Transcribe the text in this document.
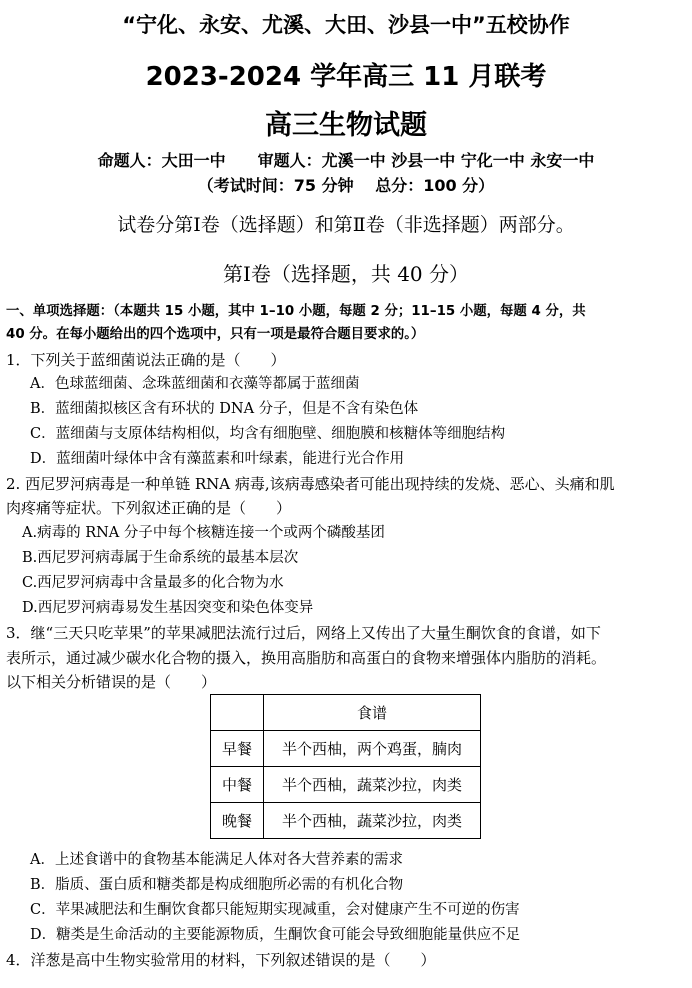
“宁化、永安、尤溪、大田、沙县一中”五校协作
2023-2024 学年高三 11 月联考
高三生物试题
命题人：大田一中　　审题人：尤溪一中 沙县一中 宁化一中 永安一中
（考试时间：75 分钟　 总分：100 分）
试卷分第Ⅰ卷（选择题）和第Ⅱ卷（非选择题）两部分。
第Ⅰ卷（选择题，共 40 分）
一、单项选择题：（本题共 15 小题，其中 1–10 小题，每题 2 分；11–15 小题，每题 4 分，共
40 分。在每小题给出的四个选项中，只有一项是最符合题目要求的。）
1．下列关于蓝细菌说法正确的是（　　）
A．色球蓝细菌、念珠蓝细菌和衣藻等都属于蓝细菌
B．蓝细菌拟核区含有环状的 DNA 分子，但是不含有染色体
C．蓝细菌与支原体结构相似，均含有细胞壁、细胞膜和核糖体等细胞结构
D．蓝细菌叶绿体中含有藻蓝素和叶绿素，能进行光合作用
2. 西尼罗河病毒是一种单链 RNA 病毒,该病毒感染者可能出现持续的发烧、恶心、头痛和肌
肉疼痛等症状。下列叙述正确的是（　　）
A.病毒的 RNA 分子中每个核糖连接一个或两个磷酸基团
B.西尼罗河病毒属于生命系统的最基本层次
C.西尼罗河病毒中含量最多的化合物为水
D.西尼罗河病毒易发生基因突变和染色体变异
3．继“三天只吃苹果”的苹果减肥法流行过后，网络上又传出了大量生酮饮食的食谱，如下
表所示，通过减少碳水化合物的摄入，换用高脂肪和高蛋白的食物来增强体内脂肪的消耗。
以下相关分析错误的是（　　）
	食谱
早餐	半个西柚，两个鸡蛋，腩肉
中餐	半个西柚，蔬菜沙拉，肉类
晚餐	半个西柚，蔬菜沙拉，肉类
A．上述食谱中的食物基本能满足人体对各大营养素的需求
B．脂质、蛋白质和糖类都是构成细胞所必需的有机化合物
C．苹果减肥法和生酮饮食都只能短期实现减重，会对健康产生不可逆的伤害
D．糖类是生命活动的主要能源物质，生酮饮食可能会导致细胞能量供应不足
4．洋葱是高中生物实验常用的材料，下列叙述错误的是（　　）
